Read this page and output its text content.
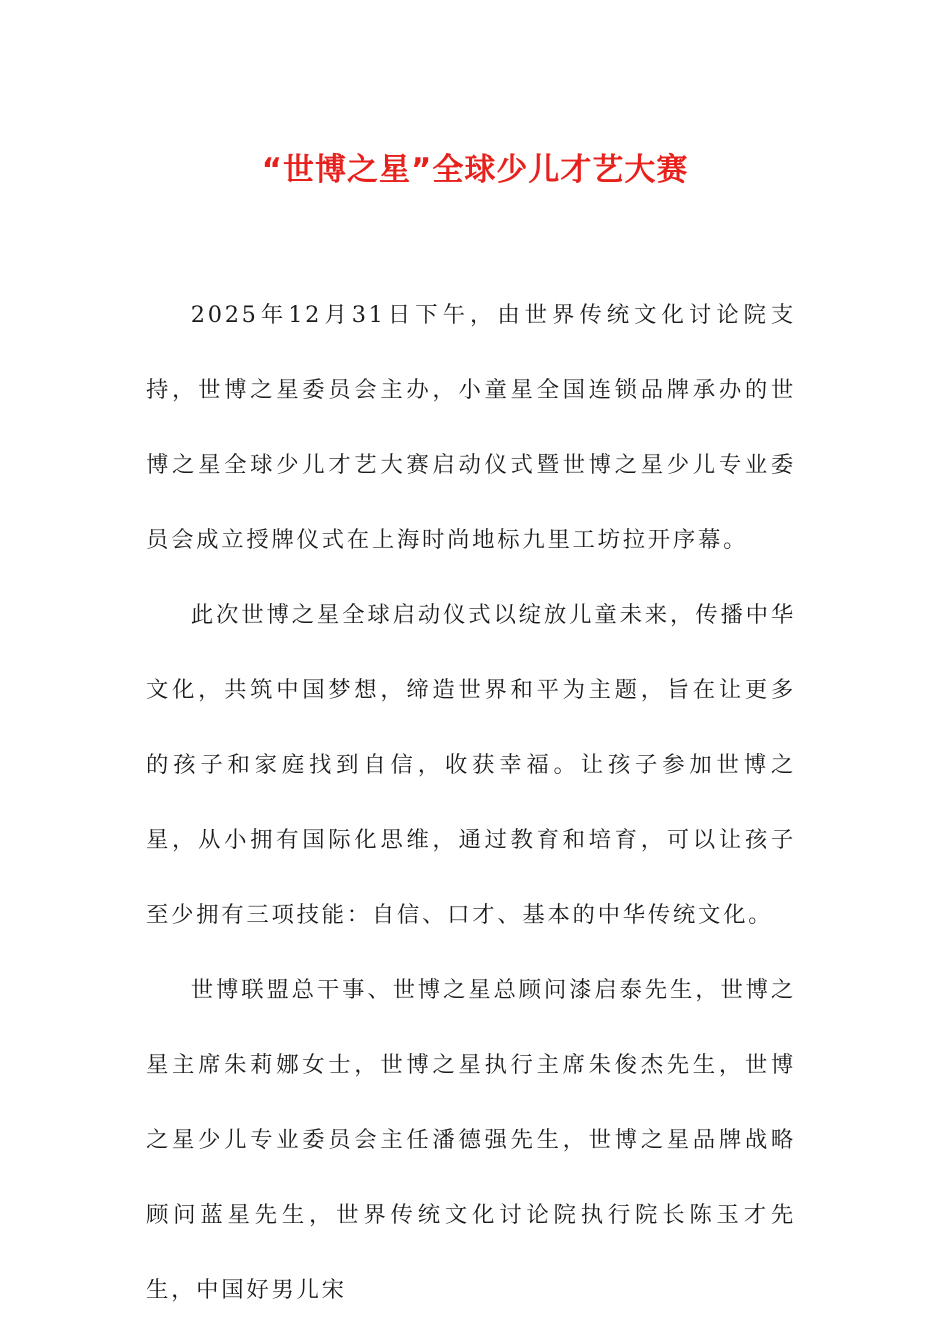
“世博之星”全球少儿才艺大赛

2025年12月31日下午，由世界传统文化讨论院支持，世博之星委员会主办，小童星全国连锁品牌承办的世博之星全球少儿才艺大赛启动仪式暨世博之星少儿专业委员会成立授牌仪式在上海时尚地标九里工坊拉开序幕。

此次世博之星全球启动仪式以绽放儿童未来，传播中华文化，共筑中国梦想，缔造世界和平为主题，旨在让更多的孩子和家庭找到自信，收获幸福。让孩子参加世博之星，从小拥有国际化思维，通过教育和培育，可以让孩子至少拥有三项技能：自信、口才、基本的中华传统文化。

世博联盟总干事、世博之星总顾问漆启泰先生，世博之星主席朱莉娜女士，世博之星执行主席朱俊杰先生，世博之星少儿专业委员会主任潘德强先生，世博之星品牌战略顾问蓝星先生，世界传统文化讨论院执行院长陈玉才先生，中国好男儿宋
